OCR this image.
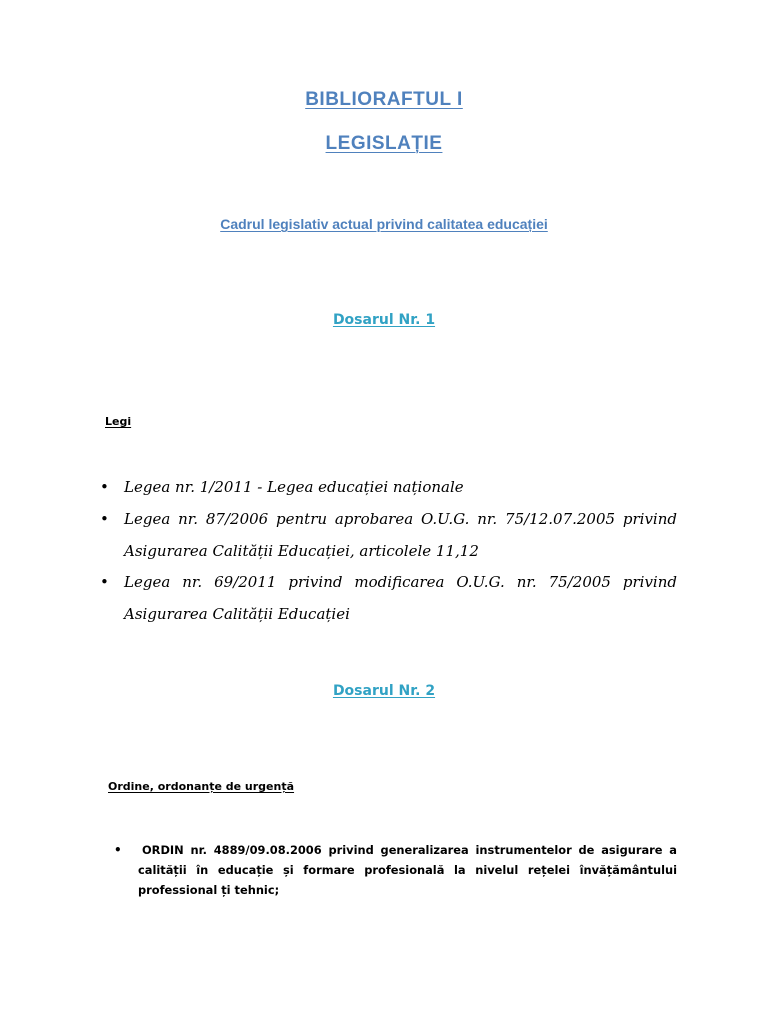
BIBLIORAFTUL I
LEGISLAȚIE
Cadrul legislativ actual privind calitatea educației
Dosarul Nr. 1
Legi
• Legea nr. 1/2011 - Legea educației naționale
• Legea nr. 87/2006 pentru aprobarea O.U.G. nr. 75/12.07.2005 privind Asigurarea Calității Educației, articolele 11,12
• Legea nr. 69/2011 privind modificarea O.U.G. nr. 75/2005 privind Asigurarea Calității Educației
Dosarul Nr. 2
Ordine, ordonanțe de urgență
• ORDIN nr. 4889/09.08.2006 privind generalizarea instrumentelor de asigurare a calității în educație și formare profesională la nivelul rețelei învățământului professional ți tehnic;
